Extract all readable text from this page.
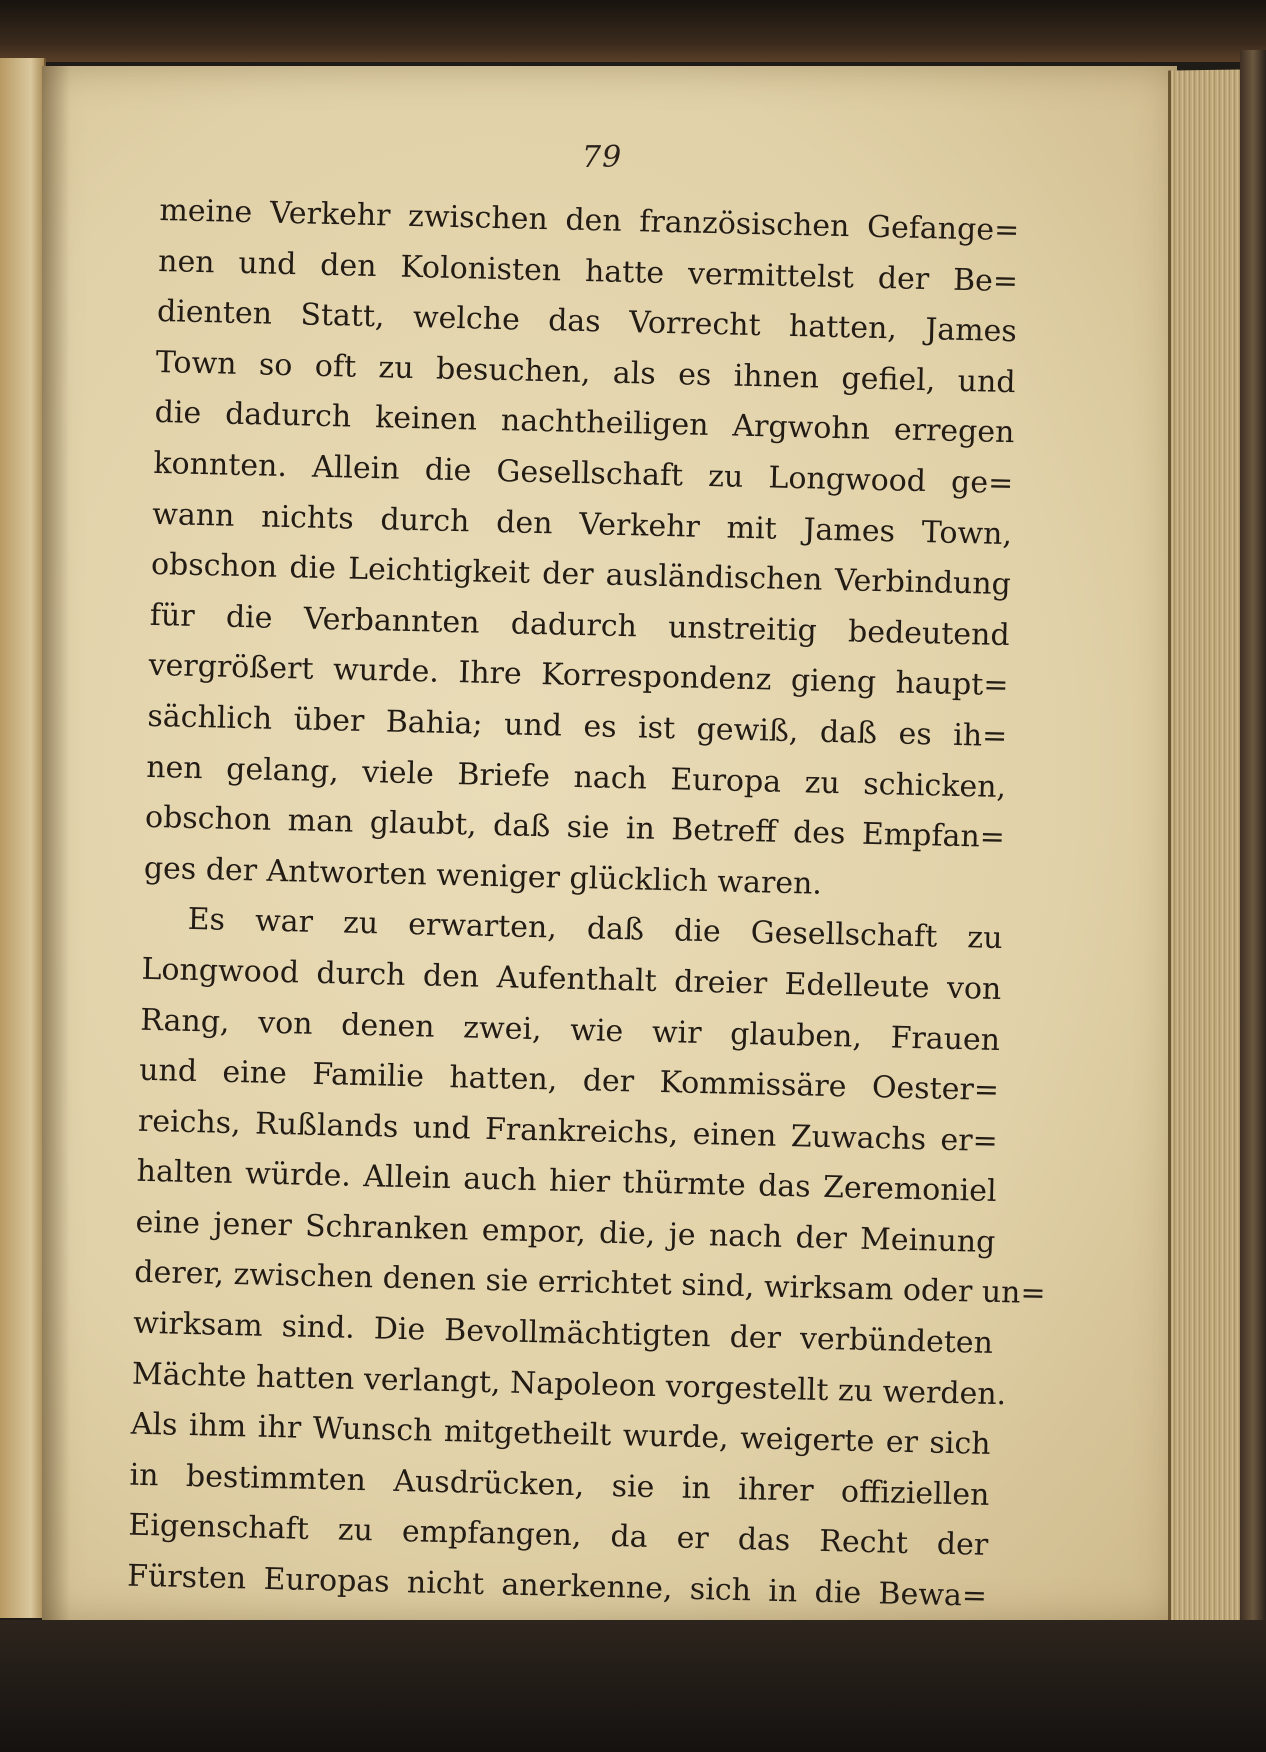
79
meine Verkehr zwischen den französischen Gefange=
nen und den Kolonisten hatte vermittelst der Be=
dienten Statt, welche das Vorrecht hatten, James
Town so oft zu besuchen, als es ihnen gefiel, und
die dadurch keinen nachtheiligen Argwohn erregen
konnten. Allein die Gesellschaft zu Longwood ge=
wann nichts durch den Verkehr mit James Town,
obschon die Leichtigkeit der ausländischen Verbindung
für die Verbannten dadurch unstreitig bedeutend
vergrößert wurde. Ihre Korrespondenz gieng haupt=
sächlich über Bahia; und es ist gewiß, daß es ih=
nen gelang, viele Briefe nach Europa zu schicken,
obschon man glaubt, daß sie in Betreff des Empfan=
ges der Antworten weniger glücklich waren.
Es war zu erwarten, daß die Gesellschaft zu
Longwood durch den Aufenthalt dreier Edelleute von
Rang, von denen zwei, wie wir glauben, Frauen
und eine Familie hatten, der Kommissäre Oester=
reichs, Rußlands und Frankreichs, einen Zuwachs er=
halten würde. Allein auch hier thürmte das Zeremoniel
eine jener Schranken empor, die, je nach der Meinung
derer, zwischen denen sie errichtet sind, wirksam oder un=
wirksam sind. Die Bevollmächtigten der verbündeten
Mächte hatten verlangt, Napoleon vorgestellt zu werden.
Als ihm ihr Wunsch mitgetheilt wurde, weigerte er sich
in bestimmten Ausdrücken, sie in ihrer offiziellen
Eigenschaft zu empfangen, da er das Recht der
Fürsten Europas nicht anerkenne, sich in die Bewa=
